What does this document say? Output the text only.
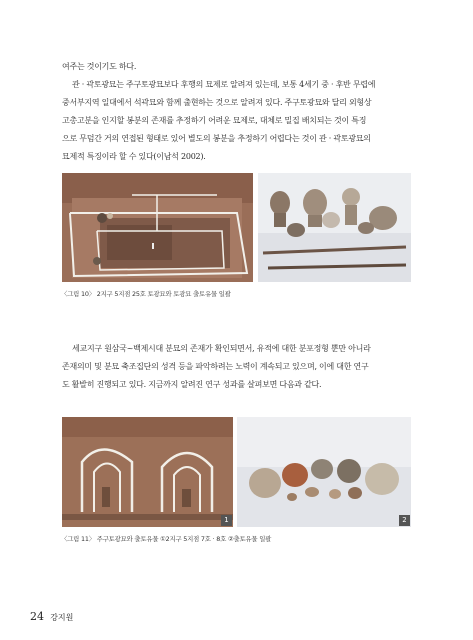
여주는 것이기도 하다.

관 · 곽토광묘는 주구토광묘보다 후행의 묘제로 알려져 있는데, 보통 4세기 중 · 후반 무렵에

중서부지역 일대에서 석곽묘와 함께 출현하는 것으로 알려져 있다. 주구토광묘와 달리 외형상

고총고분을 인지할 봉분의 존재를 추정하기 어려운 묘제로, 대체로 밀집 배치되는 것이 특징

으로 무덤간 거의 연접된 형태로 있어 별도의 봉분을 추정하기 어렵다는 것이 관 · 곽토광묘의

묘제적 특징이라 할 수 있다(이남석 2002).

〈그림 10〉 2지구 5지점 25호 토광묘와 토광묘 출토유물 일괄

세교지구 원삼국~백제시대 분묘의 존재가 확인되면서, 유적에 대한 분포정형 뿐만 아니라

존재의미 및 분묘 축조집단의 성격 등을 파악하려는 노력이 계속되고 있으며, 이에 대한 연구

도 활발히 진행되고 있다. 지금까지 알려진 연구 성과를 살펴보면 다음과 같다.

1	2
〈그림 11〉 주구토광묘와 출토유물 ①2지구 5지점 7호 · 8호 ②출토유물 일괄
24 강지원
